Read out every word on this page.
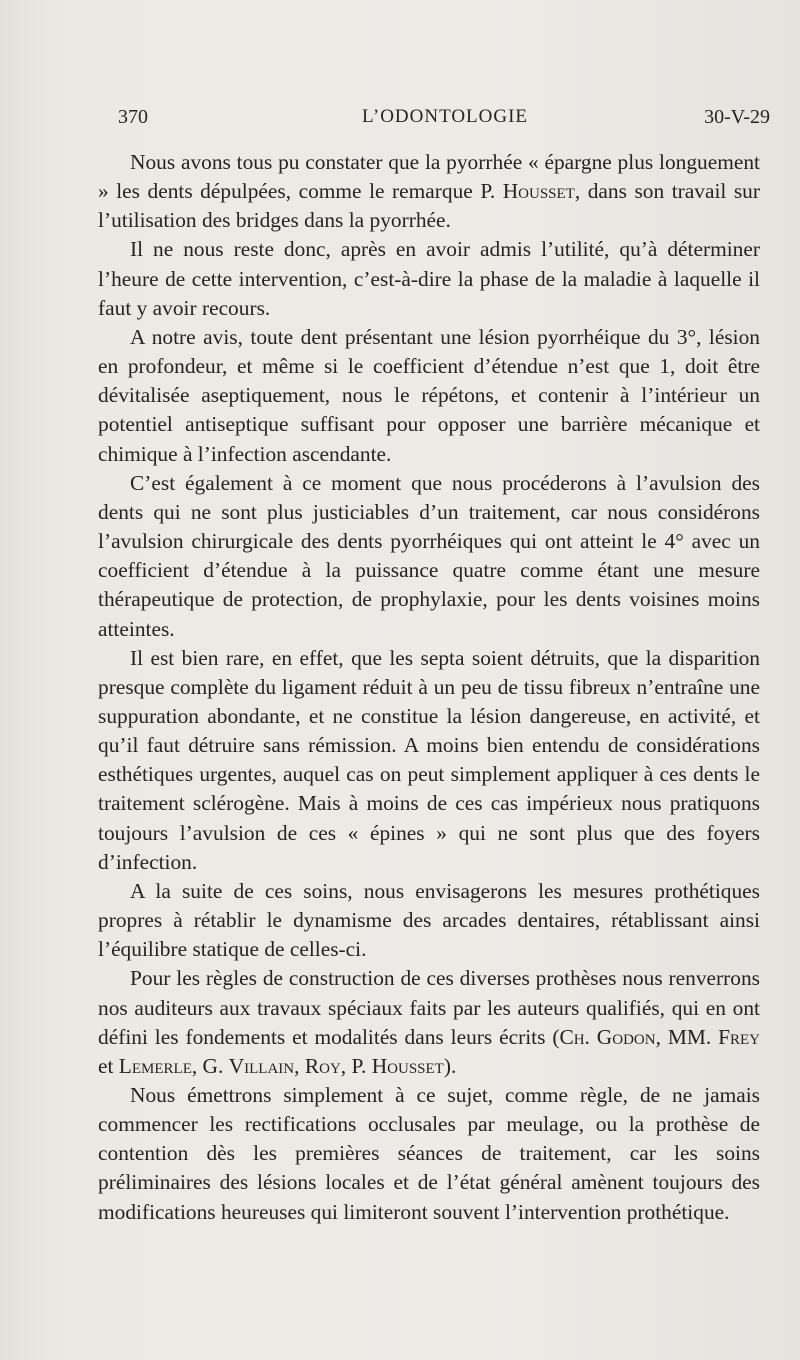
370	L’ODONTOLOGIE	30-V-29

Nous avons tous pu constater que la pyorrhée « épargne plus longuement » les dents dépulpées, comme le remarque P. Housset, dans son travail sur l’utilisation des bridges dans la pyorrhée.

Il ne nous reste donc, après en avoir admis l’utilité, qu’à déterminer l’heure de cette intervention, c’est-à-dire la phase de la maladie à laquelle il faut y avoir recours.

A notre avis, toute dent présentant une lésion pyorrhéique du 3°, lésion en profondeur, et même si le coefficient d’étendue n’est que 1, doit être dévitalisée aseptiquement, nous le répétons, et contenir à l’intérieur un potentiel antiseptique suffisant pour opposer une barrière mécanique et chimique à l’infection ascendante.

C’est également à ce moment que nous procéderons à l’avulsion des dents qui ne sont plus justiciables d’un traitement, car nous considérons l’avulsion chirurgicale des dents pyorrhéiques qui ont atteint le 4° avec un coefficient d’étendue à la puissance quatre comme étant une mesure thérapeutique de protection, de prophylaxie, pour les dents voisines moins atteintes.

Il est bien rare, en effet, que les septa soient détruits, que la disparition presque complète du ligament réduit à un peu de tissu fibreux n’entraîne une suppuration abondante, et ne constitue la lésion dangereuse, en activité, et qu’il faut détruire sans rémission. A moins bien entendu de considérations esthétiques urgentes, auquel cas on peut simplement appliquer à ces dents le traitement sclérogène. Mais à moins de ces cas impérieux nous pratiquons toujours l’avulsion de ces « épines » qui ne sont plus que des foyers d’infection.

A la suite de ces soins, nous envisagerons les mesures prothétiques propres à rétablir le dynamisme des arcades dentaires, rétablissant ainsi l’équilibre statique de celles-ci.

Pour les règles de construction de ces diverses prothèses nous renverrons nos auditeurs aux travaux spéciaux faits par les auteurs qualifiés, qui en ont défini les fondements et modalités dans leurs écrits (Ch. Godon, MM. Frey et Lemerle, G. Villain, Roy, P. Housset).

Nous émettrons simplement à ce sujet, comme règle, de ne jamais commencer les rectifications occlusales par meulage, ou la prothèse de contention dès les premières séances de traitement, car les soins préliminaires des lésions locales et de l’état général amènent toujours des modifications heureuses qui limiteront souvent l’intervention prothétique.
